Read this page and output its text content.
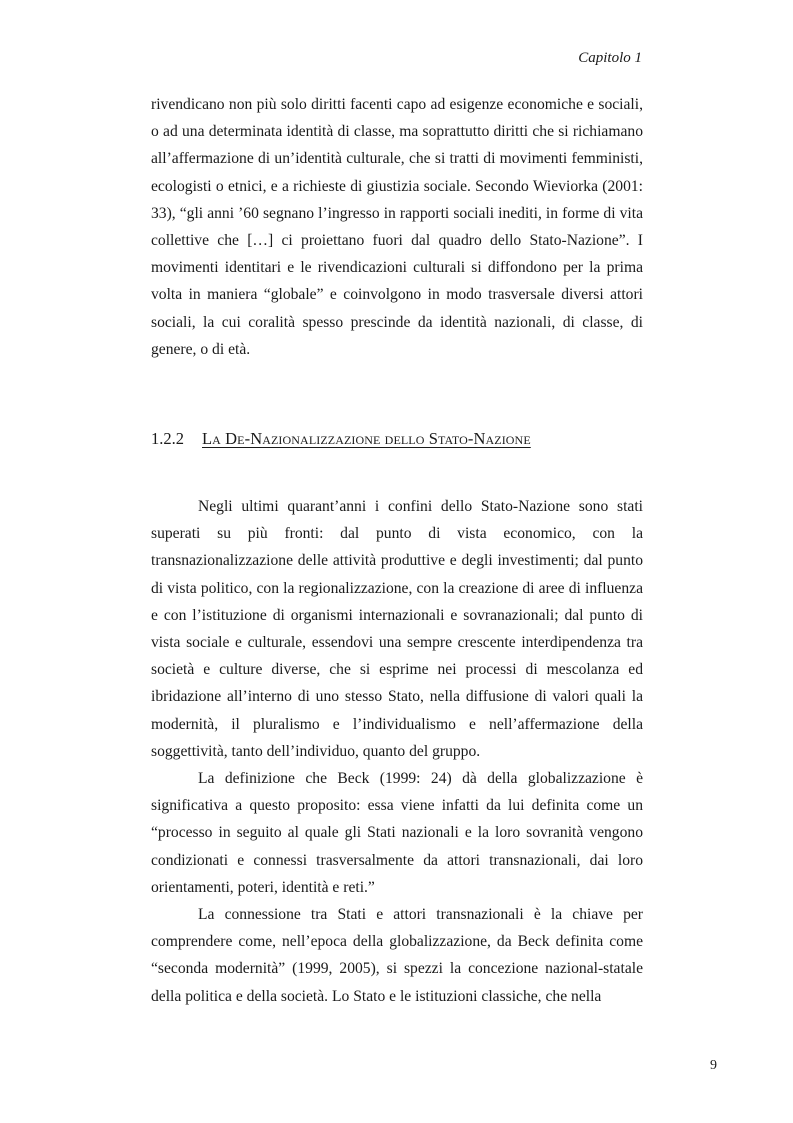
Capitolo 1

rivendicano non più solo diritti facenti capo ad esigenze economiche e sociali, o ad una determinata identità di classe, ma soprattutto diritti che si richiamano all’affermazione di un’identità culturale, che si tratti di movimenti femministi, ecologisti o etnici, e a richieste di giustizia sociale. Secondo Wieviorka (2001: 33), “gli anni ’60 segnano l’ingresso in rapporti sociali inediti, in forme di vita collettive che […] ci proiettano fuori dal quadro dello Stato-Nazione”. I movimenti identitari e le rivendicazioni culturali si diffondono per la prima volta in maniera “globale” e coinvolgono in modo trasversale diversi attori sociali, la cui coralità spesso prescinde da identità nazionali, di classe, di genere, o di età.

1.2.2 La De-Nazionalizzazione dello Stato-Nazione

Negli ultimi quarant’anni i confini dello Stato-Nazione sono stati superati su più fronti: dal punto di vista economico, con la transnazionalizzazione delle attività produttive e degli investimenti; dal punto di vista politico, con la regionalizzazione, con la creazione di aree di influenza e con l’istituzione di organismi internazionali e sovranazionali; dal punto di vista sociale e culturale, essendovi una sempre crescente interdipendenza tra società e culture diverse, che si esprime nei processi di mescolanza ed ibridazione all’interno di uno stesso Stato, nella diffusione di valori quali la modernità, il pluralismo e l’individualismo e nell’affermazione della soggettività, tanto dell’individuo, quanto del gruppo.

La definizione che Beck (1999: 24) dà della globalizzazione è significativa a questo proposito: essa viene infatti da lui definita come un “processo in seguito al quale gli Stati nazionali e la loro sovranità vengono condizionati e connessi trasversalmente da attori transnazionali, dai loro orientamenti, poteri, identità e reti.”

La connessione tra Stati e attori transnazionali è la chiave per comprendere come, nell’epoca della globalizzazione, da Beck definita come “seconda modernità” (1999, 2005), si spezzi la concezione nazional-statale della politica e della società. Lo Stato e le istituzioni classiche, che nella

9
